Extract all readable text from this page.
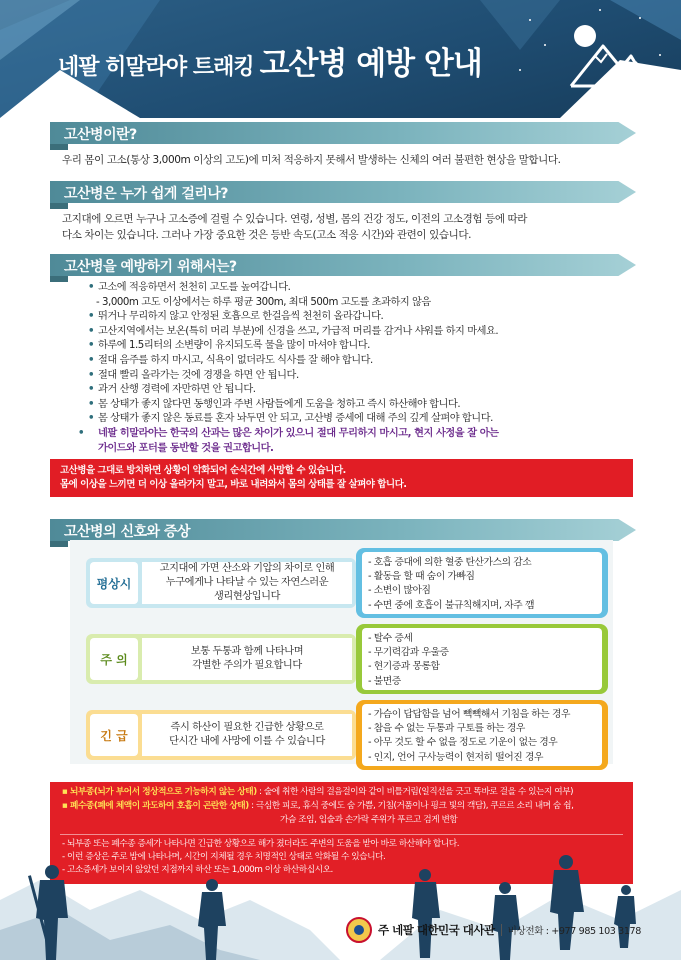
네팔 히말라야 트래킹 고산병 예방 안내
고산병이란?
우리 몸이 고소(통상 3,000m 이상의 고도)에 미처 적응하지 못해서 발생하는 신체의 여러 불편한 현상을 말합니다.
고산병은 누가 쉽게 걸리나?
고지대에 오르면 누구나 고소증에 걸릴 수 있습니다. 연령, 성별, 몸의 건강 정도, 이전의 고소경험 등에 따라
다소 차이는 있습니다. 그러나 가장 중요한 것은 등반 속도(고소 적응 시간)와 관련이 있습니다.
고산병을 예방하기 위해서는?
• 고소에 적응하면서 천천히 고도를 높여갑니다.
- 3,000m 고도 이상에서는 하루 평균 300m, 최대 500m 고도를 초과하지 않음
• 뛰거나 무리하지 않고 안정된 호흡으로 한걸음씩 천천히 올라갑니다.
• 고산지역에서는 보온(특히 머리 부분)에 신경을 쓰고, 가급적 머리를 감거나 샤워를 하지 마세요.
• 하루에 1.5리터의 소변량이 유지되도록 물을 많이 마셔야 합니다.
• 절대 음주를 하지 마시고, 식욕이 없더라도 식사를 잘 해야 합니다.
• 절대 빨리 올라가는 것에 경쟁을 하면 안 됩니다.
• 과거 산행 경력에 자만하면 안 됩니다.
• 몸 상태가 좋지 않다면 동행인과 주변 사람들에게 도움을 청하고 즉시 하산해야 합니다.
• 몸 상태가 좋지 않은 동료를 혼자 놔두면 안 되고, 고산병 증세에 대해 주의 깊게 살펴야 합니다.
• 네팔 히말라야는 한국의 산과는 많은 차이가 있으니 절대 무리하지 마시고, 현지 사정을 잘 아는
가이드와 포터를 동반할 것을 권고합니다.

고산병을 그대로 방치하면 상황이 악화되어 순식간에 사망할 수 있습니다.

몸에 이상을 느끼면 더 이상 올라가지 말고, 바로 내려와서 몸의 상태를 잘 살펴야 합니다.

고산병의 신호와 증상
평상시
고지대에 가면 산소와 기압의 차이로 인해
누구에게나 나타날 수 있는 자연스러운
생리현상입니다
- 호흡 증대에 의한 혈중 탄산가스의 감소
- 활동을 할 때 숨이 가빠짐
- 소변이 많아짐
- 수면 중에 호흡이 불규칙해지며, 자주 깸
주 의
보통 두통과 함께 나타나며
각별한 주의가 필요합니다
- 탈수 증세
- 무기력감과 우울증
- 현기증과 몽롱함
- 불면증
긴 급
즉시 하산이 필요한 긴급한 상황으로
단시간 내에 사망에 이를 수 있습니다
- 가슴이 답답함을 넘어 빽빽해서 기침을 하는 경우
- 참을 수 없는 두통과 구토를 하는 경우
- 아무 것도 할 수 없을 정도로 기운이 없는 경우
- 인지, 언어 구사능력이 현저히 떨어진 경우
▪ 뇌부종(뇌가 부어서 정상적으로 기능하지 않는 상태) : 술에 취한 사람의 걸음걸이와 같이 비틀거림(일직선을 긋고 똑바로 걸을 수 있는지 여부)
▪ 폐수종(폐에 체액이 과도하여 호흡이 곤란한 상태) : 극심한 피로, 휴식 중에도 숨 가쁨, 기침(거품이나 핑크 빛의 객담), 쿠르르 소리 내며 숨 쉼,
가슴 조임, 입술과 손가락 주위가 푸르고 검게 변함
- 뇌부종 또는 폐수종 증세가 나타나면 긴급한 상황으로 해가 졌더라도 주변의 도움을 받아 바로 하산해야 합니다.
- 이런 증상은 주로 밤에 나타나며, 시간이 지체될 경우 치명적인 상태로 악화될 수 있습니다.
- 고소증세가 보이지 않았던 지점까지 하산 또는 1,000m 이상 하산하십시오.
주 네팔 대한민국 대사관 비상전화 : +977 985 103 3178
